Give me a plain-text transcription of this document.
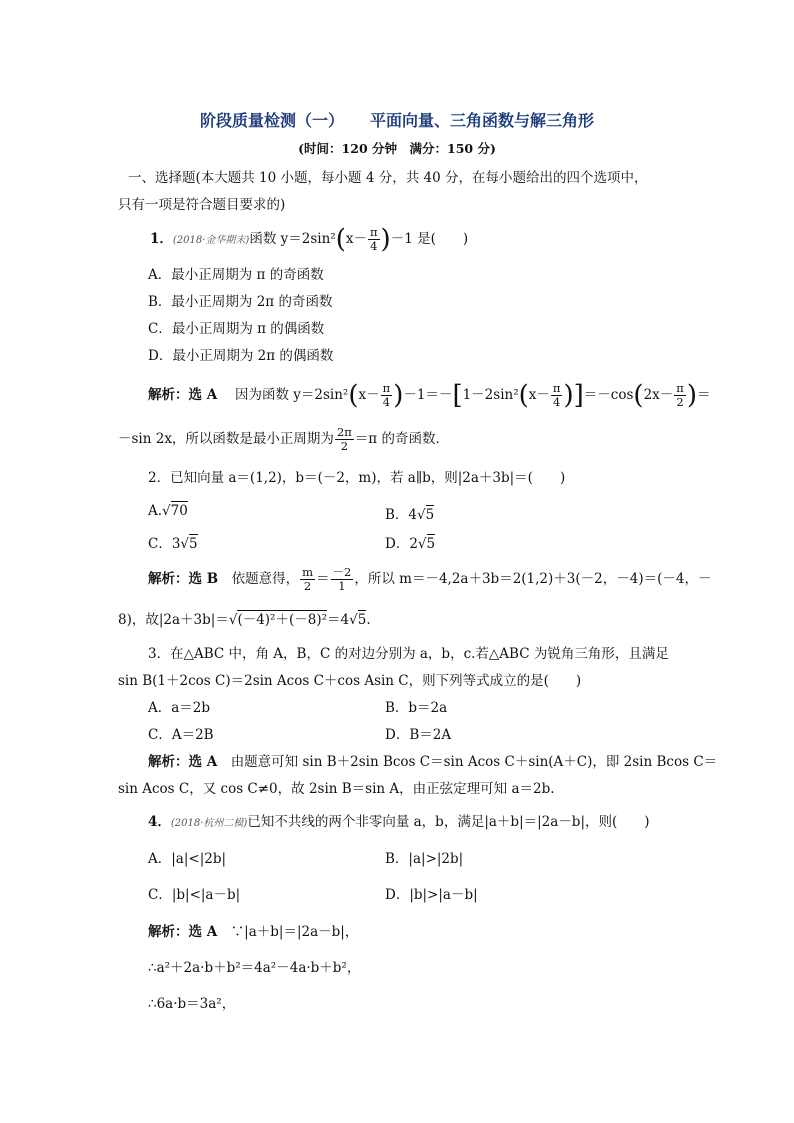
阶段质量检测（一） 平面向量、三角函数与解三角形
(时间：120 分钟　满分：150 分)
一、选择题(本大题共 10 小题，每小题 4 分，共 40 分，在每小题给出的四个选项中，
只有一项是符合题目要求的)
1．(2018·金华期末)函数 $y=2\sin^2(x- \frac{\pi}{4} )-1$ 是(　　)
A．最小正周期为 π 的奇函数
B．最小正周期为 2π 的奇函数
C．最小正周期为 π 的偶函数
D．最小正周期为 2π 的偶函数
解析：选 A　 因为函数 $y=2\sin^2(x- \frac{\pi}{4} )-1=-[1-2\sin^2(x- \frac{\pi}{4} )]=-\cos(2x- \frac{\pi}{2}$ )＝
－sin 2x，所以函数是最小正周期为 $\frac{2\pi}{2} =\pi$ 的奇函数．
2．已知向量 a＝(1,2)，b＝(－2，m)，若 a∥b，则|2a＋3b|＝(　　)
A.√70	B．4√5
C．3√5	D．2√5
解析：选 B　 依题意得， $\frac{m}{2} = \frac{-2}{1}$ ，所以 m＝－4,2a＋3b＝2(1,2)＋3(－2，－4)＝(－4，－
8)，故|2a＋3b|＝√(－4)²＋(－8)²＝4√5.
3．在△ABC 中，角 A，B，C 的对边分别为 a，b，c.若△ABC 为锐角三角形，且满足
sin B(1＋2cos C)＝2sin Acos C＋cos Asin C，则下列等式成立的是(　　)
A．a＝2b	B．b＝2a
C．A＝2B	D．B＝2A
解析：选 A　 由题意可知 sin B＋2sin Bcos C＝sin Acos C＋sin(A＋C)，即 2sin Bcos C＝
sin Acos C，又 cos C≠0，故 2sin B＝sin A，由正弦定理可知 a＝2b.
4．(2018·杭州二模)已知不共线的两个非零向量 a，b，满足|a＋b|＝|2a－b|，则(　　)
A．|a|<|2b|	B．|a|>|2b|
C．|b|<|a－b|	D．|b|>|a－b|
解析：选 A　 ∵|a＋b|＝|2a－b|，
∴a²＋2a·b＋b²＝4a²－4a·b＋b²，
∴6a·b＝3a²，
